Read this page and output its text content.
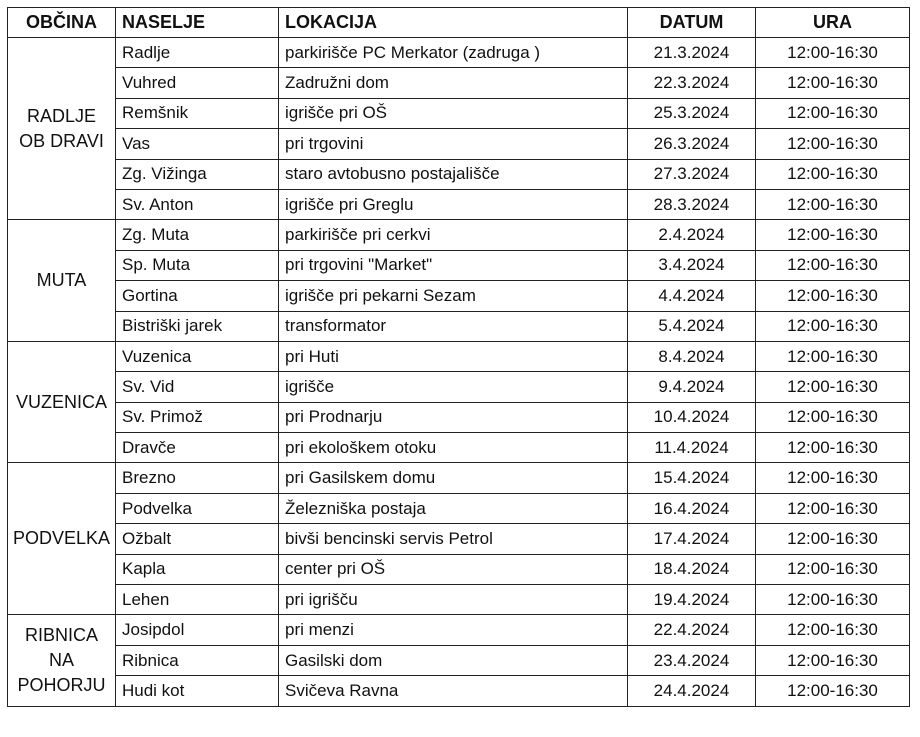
OBČINA	NASELJE	LOKACIJA	DATUM	URA

RADLJE
OB DRAVI	Radlje	parkirišče PC Merkator (zadruga )	21.3.2024	12:00-16:30
	Vuhred	Zadružni dom	22.3.2024	12:00-16:30
	Remšnik	igrišče pri OŠ	25.3.2024	12:00-16:30
	Vas	pri trgovini	26.3.2024	12:00-16:30
	Zg. Vižinga	staro avtobusno postajališče	27.3.2024	12:00-16:30
	Sv. Anton	igrišče pri Greglu	28.3.2024	12:00-16:30

MUTA	Zg. Muta	parkirišče pri cerkvi	2.4.2024	12:00-16:30
	Sp. Muta	pri trgovini "Market"	3.4.2024	12:00-16:30
	Gortina	igrišče pri pekarni Sezam	4.4.2024	12:00-16:30
	Bistriški jarek	transformator	5.4.2024	12:00-16:30

VUZENICA	Vuzenica	pri Huti	8.4.2024	12:00-16:30
	Sv. Vid	igrišče	9.4.2024	12:00-16:30
	Sv. Primož	pri Prodnarju	10.4.2024	12:00-16:30
	Dravče	pri ekološkem otoku	11.4.2024	12:00-16:30

PODVELKA	Brezno	pri Gasilskem domu	15.4.2024	12:00-16:30
	Podvelka	Železniška postaja	16.4.2024	12:00-16:30
	Ožbalt	bivši bencinski servis Petrol	17.4.2024	12:00-16:30
	Kapla	center pri OŠ	18.4.2024	12:00-16:30
	Lehen	pri igrišču	19.4.2024	12:00-16:30

RIBNICA
NA
POHORJU	Josipdol	pri menzi	22.4.2024	12:00-16:30
	Ribnica	Gasilski dom	23.4.2024	12:00-16:30
	Hudi kot	Svičeva Ravna	24.4.2024	12:00-16:30
